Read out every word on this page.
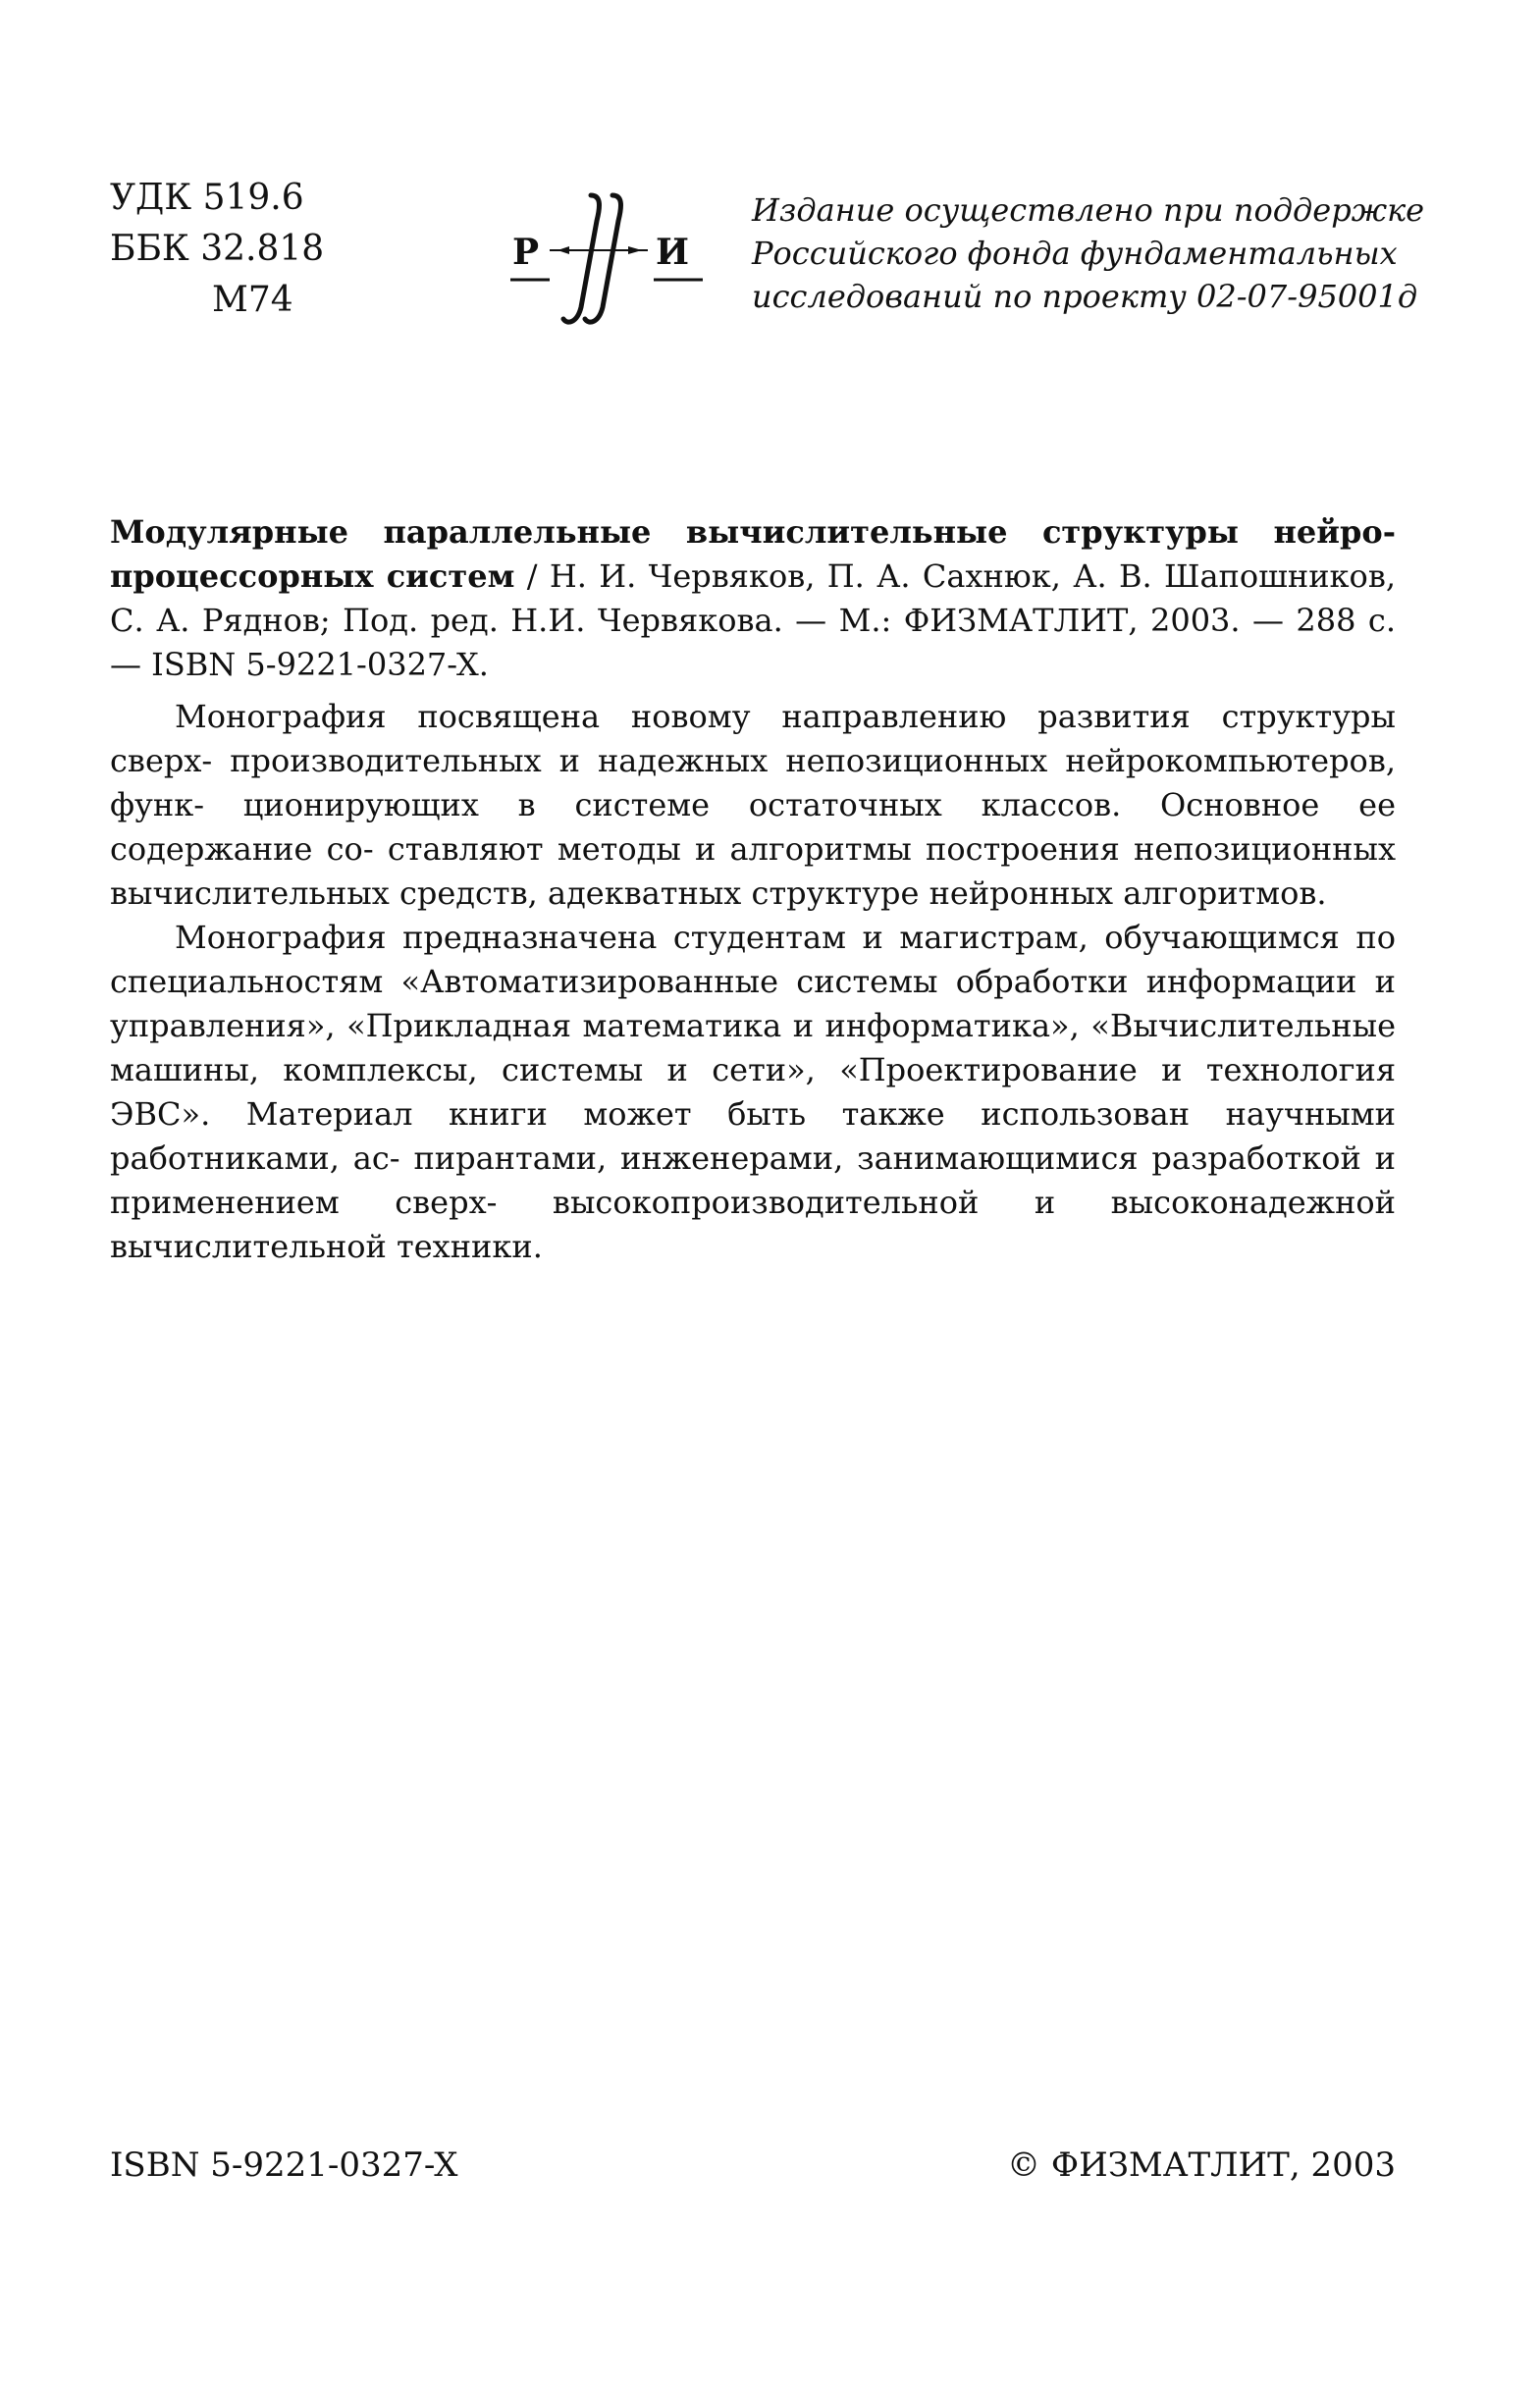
УДК 519.6
ББК 32.818
М74
Р	И
Издание осуществлено при поддержке
Российского фонда фундаментальных
исследований по проекту 02-07-95001д
Модулярные параллельные вычислительные структуры нейро- процессорных систем / Н. И. Червяков, П. А. Сахнюк, А. В. Шапошников, С. А. Ряднов; Под. ред. Н.И. Червякова. — М.: ФИЗМАТЛИТ, 2003. — 288 с. — ISBN 5-9221-0327-X.

Монография посвящена новому направлению развития структуры сверх- производительных и надежных непозиционных нейрокомпьютеров, функ- ционирующих в системе остаточных классов. Основное ее содержание со- ставляют методы и алгоритмы построения непозиционных вычислительных средств, адекватных структуре нейронных алгоритмов.

Монография предназначена студентам и магистрам, обучающимся по специальностям «Автоматизированные системы обработки информации и управления», «Прикладная математика и информатика», «Вычислительные машины, комплексы, системы и сети», «Проектирование и технология ЭВС». Материал книги может быть также использован научными работниками, ас- пирантами, инженерами, занимающимися разработкой и применением сверх- высокопроизводительной и высоконадежной вычислительной техники.

ISBN 5-9221-0327-X	© ФИЗМАТЛИТ, 2003
